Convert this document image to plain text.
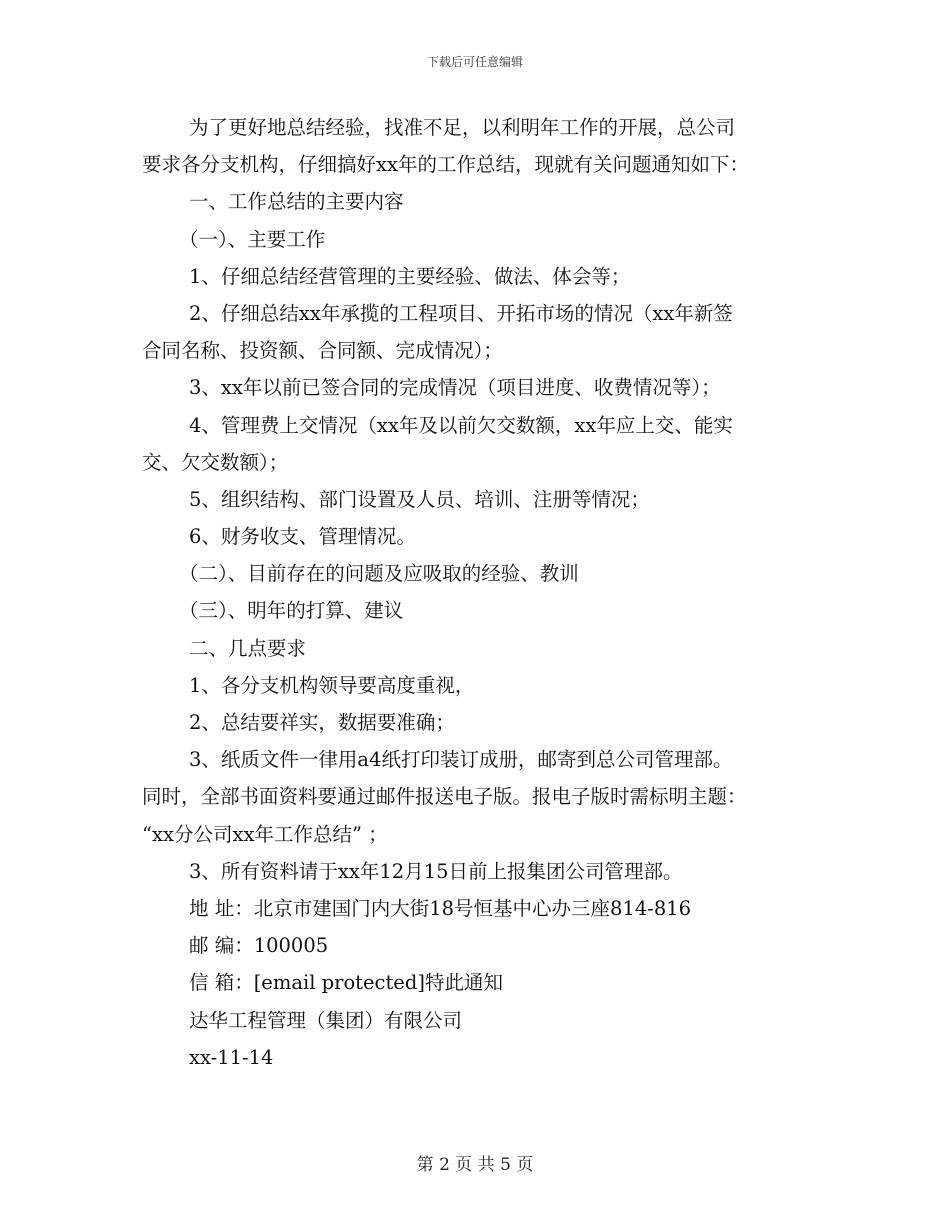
下载后可任意编辑
为了更好地总结经验，找准不足，以利明年工作的开展，总公司
要求各分支机构，仔细搞好xx年的工作总结，现就有关问题通知如下：
一、工作总结的主要内容
（一）、主要工作
1、仔细总结经营管理的主要经验、做法、体会等；
2、仔细总结xx年承揽的工程项目、开拓市场的情况（xx年新签
合同名称、投资额、合同额、完成情况）；
3、xx年以前已签合同的完成情况（项目进度、收费情况等）；
4、管理费上交情况（xx年及以前欠交数额，xx年应上交、能实
交、欠交数额）；
5、组织结构、部门设置及人员、培训、注册等情况；
6、财务收支、管理情况。
（二）、目前存在的问题及应吸取的经验、教训
（三）、明年的打算、建议
二、几点要求
1、各分支机构领导要高度重视，
2、总结要祥实，数据要准确；
3、纸质文件一律用a4纸打印装订成册，邮寄到总公司管理部。
同时，全部书面资料要通过邮件报送电子版。报电子版时需标明主题：
“xx分公司xx年工作总结” ；
3、所有资料请于xx年12月15日前上报集团公司管理部。
地 址：北京市建国门内大街18号恒基中心办三座814-816
邮 编：100005
信 箱：[email protected]特此通知
达华工程管理（集团）有限公司
xx-11-14
第 2 页 共 5 页
